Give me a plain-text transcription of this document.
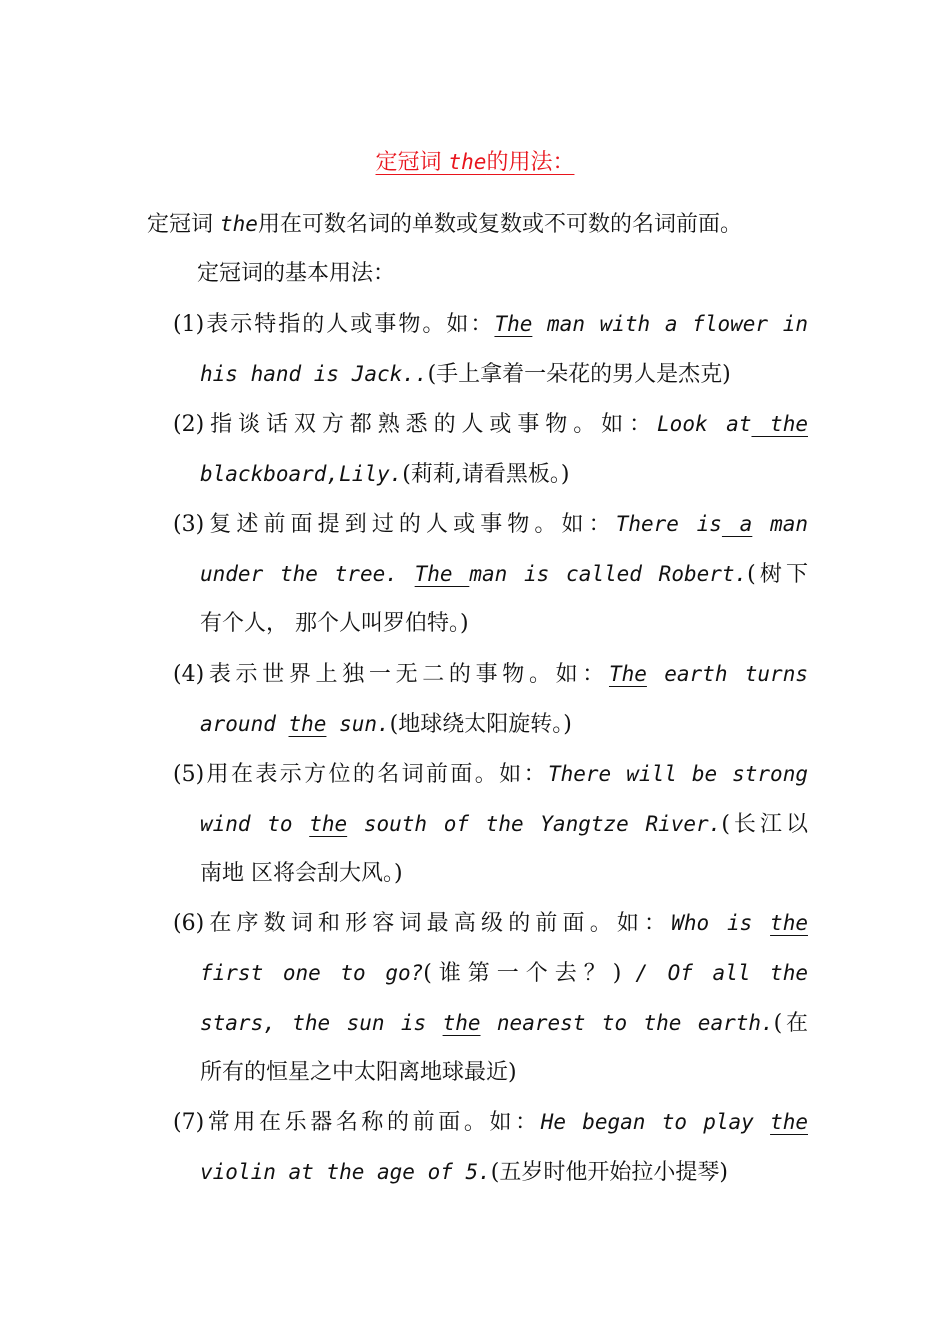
定冠词 the的用法：
定冠词 the用在可数名词的单数或复数或不可数的名词前面。
定冠词的基本用法：
(1)表示特指的人或事物。如：The man with a flower in
his hand is Jack..(手上拿着一朵花的男人是杰克)
(2)指谈话双方都熟悉的人或事物。如：Look at the
blackboard,Lily.(莉莉,请看黑板。)
(3)复述前面提到过的人或事物。如：There is a man
under the tree. The man is called Robert.(树下
有个人， 那个人叫罗伯特。)
(4)表示世界上独一无二的事物。如：The earth turns
around the sun.(地球绕太阳旋转。)
(5)用在表示方位的名词前面。如：There will be strong
wind to the south of the Yangtze River.(长江以
南地 区将会刮大风。)
(6)在序数词和形容词最高级的前面。如：Who is the
first one to go?(谁第一个去？) / Of all the
stars, the sun is the nearest to the earth.(在
所有的恒星之中太阳离地球最近)
(7)常用在乐器名称的前面。如：He began to play the
violin at the age of 5.(五岁时他开始拉小提琴)
